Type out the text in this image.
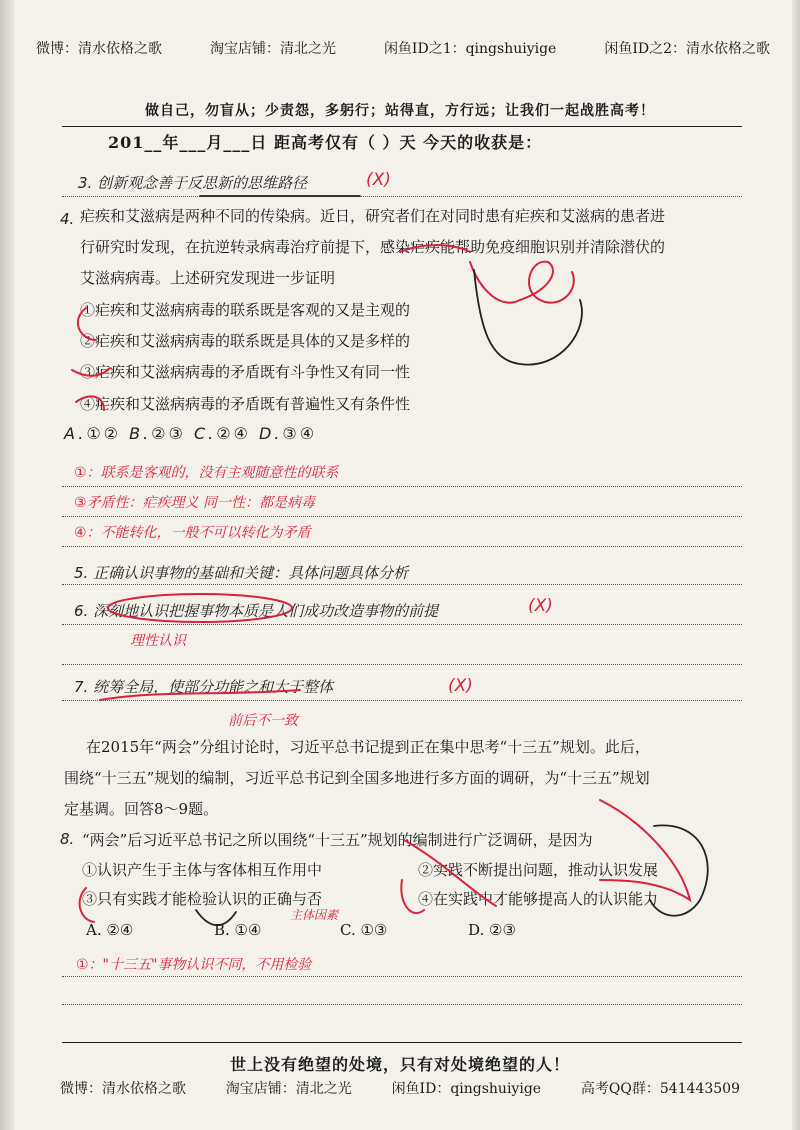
微博：清水依格之歌	淘宝店铺：清北之光	闲鱼ID之1：qingshuiyige	闲鱼ID之2：清水依格之歌
做自己，勿盲从；少责怨，多躬行；站得直，方行远；让我们一起战胜高考！
201__年___月___日 距高考仅有（ ）天 今天的收获是：
3. 创新观念善于反思新的思维路径	(X)
4. 疟疾和艾滋病是两种不同的传染病。近日，研究者们在对同时患有疟疾和艾滋病的患者进
行研究时发现，在抗逆转录病毒治疗前提下，感染疟疾能帮助免疫细胞识别并清除潜伏的
艾滋病病毒。上述研究发现进一步证明
①疟疾和艾滋病病毒的联系既是客观的又是主观的
②疟疾和艾滋病病毒的联系既是具体的又是多样的
③疟疾和艾滋病病毒的矛盾既有斗争性又有同一性
④疟疾和艾滋病病毒的矛盾既有普遍性又有条件性
A.①② B.②③ C.②④ D.③④
①：联系是客观的，没有主观随意性的联系
③矛盾性：疟疾理义 同一性：都是病毒
④：不能转化，一般不可以转化为矛盾
5. 正确认识事物的基础和关键：具体问题具体分析
6. 深刻地认识把握事物本质是人们成功改造事物的前提	(X)
理性认识
7. 统筹全局，使部分功能之和大于整体	(X)
前后不一致
在2015年“两会”分组讨论时，习近平总书记提到正在集中思考“十三五”规划。此后，
围绕“十三五”规划的编制，习近平总书记到全国多地进行多方面的调研，为“十三五”规划
定基调。回答8～9题。
8. “两会”后习近平总书记之所以围绕“十三五”规划的编制进行广泛调研，是因为
①认识产生于主体与客体相互作用中	②实践不断提出问题，推动认识发展
③只有实践才能检验认识的正确与否	④在实践中才能够提高人的认识能力
主体因素
A. ②④	B. ①④	C. ①③	D. ②③
①："十三五"事物认识不同，不用检验
世上没有绝望的处境，只有对处境绝望的人！
微博：清水依格之歌	淘宝店铺：清北之光	闲鱼ID：qingshuiyige	高考QQ群：541443509
